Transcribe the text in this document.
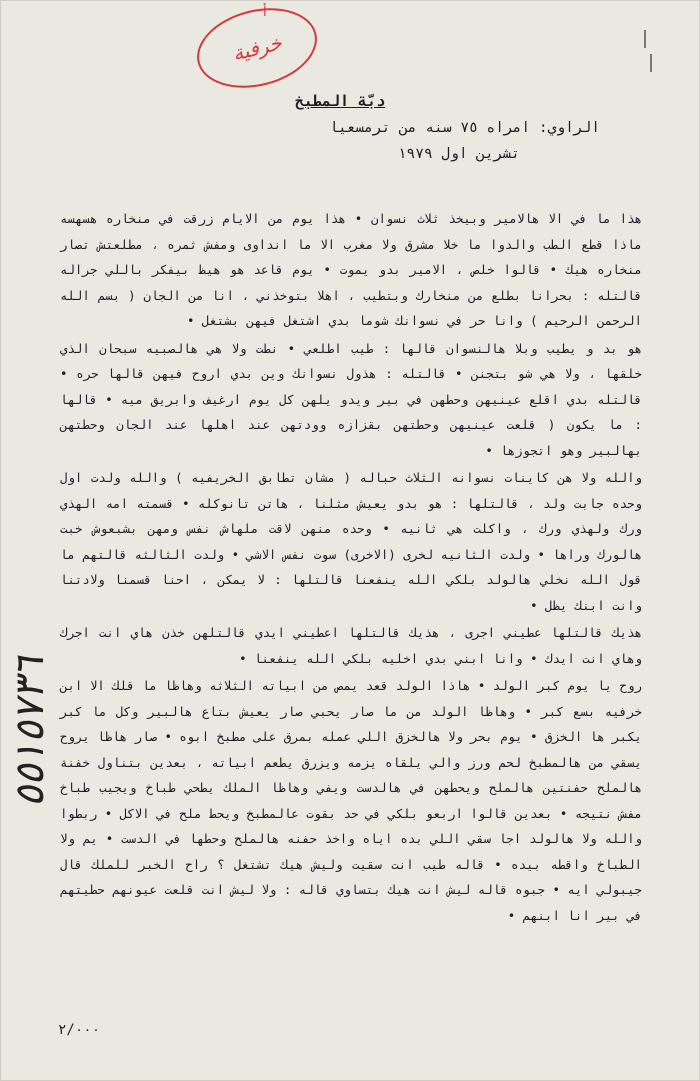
خرفية
أ
دبّة المطبخ
الراوي: امراه ٧٥ سنه من ترمسعيا
تشرين اول ١٩٧٩

هذا ما في الا هالامير وبيخذ ثلاث نسوان • هذا يوم من الايام زرقت في منخاره هسهسه ماذا قطع الطب والدوا ما خلا مشرق ولا مغرب الا ما انداوى ومفش ثمره ، مطلعتش تصار منخاره هيك • قالوا خلص ، الامير بدو يموت • يوم قاعد هو هيظ بيفكر باللي جراله قالتله : بحرانا بطلع من منخارك وبتطيب ، اهلا بتوخذني ، انا من الجان ( بسم الله الرحمن الرحيم ) وانا حر في نسوانك شوما بدي اشتغل فيهن بشتغل •

هو بد و يطيب وبلا هالنسوان قالها : طيب اطلعي • نطت ولا هي هالصبيه سبحان الذي خلقها ، ولا هي شو بتجنن • قالتله : هذول نسوانك وين بدي اروح فيهن قالها حره • قالتله بدي اقلع عينيهن وحطهن في بير ويدو يلهن كل يوم ارغيف وابريق ميه • قالها : ما يكون ( قلعت عينيهن وحطتهن بقزازه وودتهن عند اهلها عند الجان وحطتهن بهالبير وهو اتجوزها •

والله ولا هن كاينات نسوانه الثلاث حباله ( مشان تطابق الخريفيه ) والله ولدت اول وحده جابت ولد ، قالتلها : هو بدو يعيش مثلنا ، هاتن تانوكله • قسمته امه الهذي ورك ولهذي ورك ، واكلت هي ثانيه • وحده منهن لاقت ملهاش نفس ومهن بشبعوش خبت هالورك وراها • ولدت الثانيه لخرى (الاخرى) سوت نفس الاشي • ولدت الثالثه قالتهم ما قول الله نخلي هالولد بلكي الله ينفعنا قالتلها : لا يمكن ، احنا قسمنا ولادتنا وانت ابنك يظل •

هذيك قالتلها عطيني اجرى ، هذيك قالتلها اعطيني ايدي قالتلهن خذن هاي انت اجرك وهاي انت ايدك • وانا ابني بدي اخليه بلكي الله ينفعنا •

روح يا يوم كبر الولد • هاذا الولد قعد يمص من ابياته الثلاثه وهاظا ما قلك الا ابن خرفيه بسع كبر • وهاظا الولد من ما صار يحبي صار يعيش بتاع هالبير وكل ما كبر يكبر ها الخزق • يوم بحر ولا هالخزق اللي عمله بمرق على مطبخ ابوه • صار هاظا يروح يسقي من هالمطبخ لحم ورز والي يلقاه يزمه ويزرق يطعم ابياته ، بعدين بتناول خفنة هالملح حفنتين هالملح ويحطهن في هالدست ويفي وهاظا الملك يطحي طباخ ويجيب طباخ مفش نتيجه • بعدين قالوا اربعو بلكي في حد بقوت عالمطبخ ويحط ملح في الاكل • ربطوا والله ولا هالولد اجا سقي اللي بده اياه واخذ حفنه هالملح وحطها في الدست • يم ولا الطباخ واقطه بيده • قاله طيب انت سقيت وليش هيك تشتغل ؟ راح الخبر للملك قال جيبولي ايه • جبوه قاله ليش انت هيك بتساوي قاله : ولا ليش انت قلعت عيونهم حطيتهم في بير انا ابنهم •

٥٥١٥٧٣٦
٢/٠٠٠
